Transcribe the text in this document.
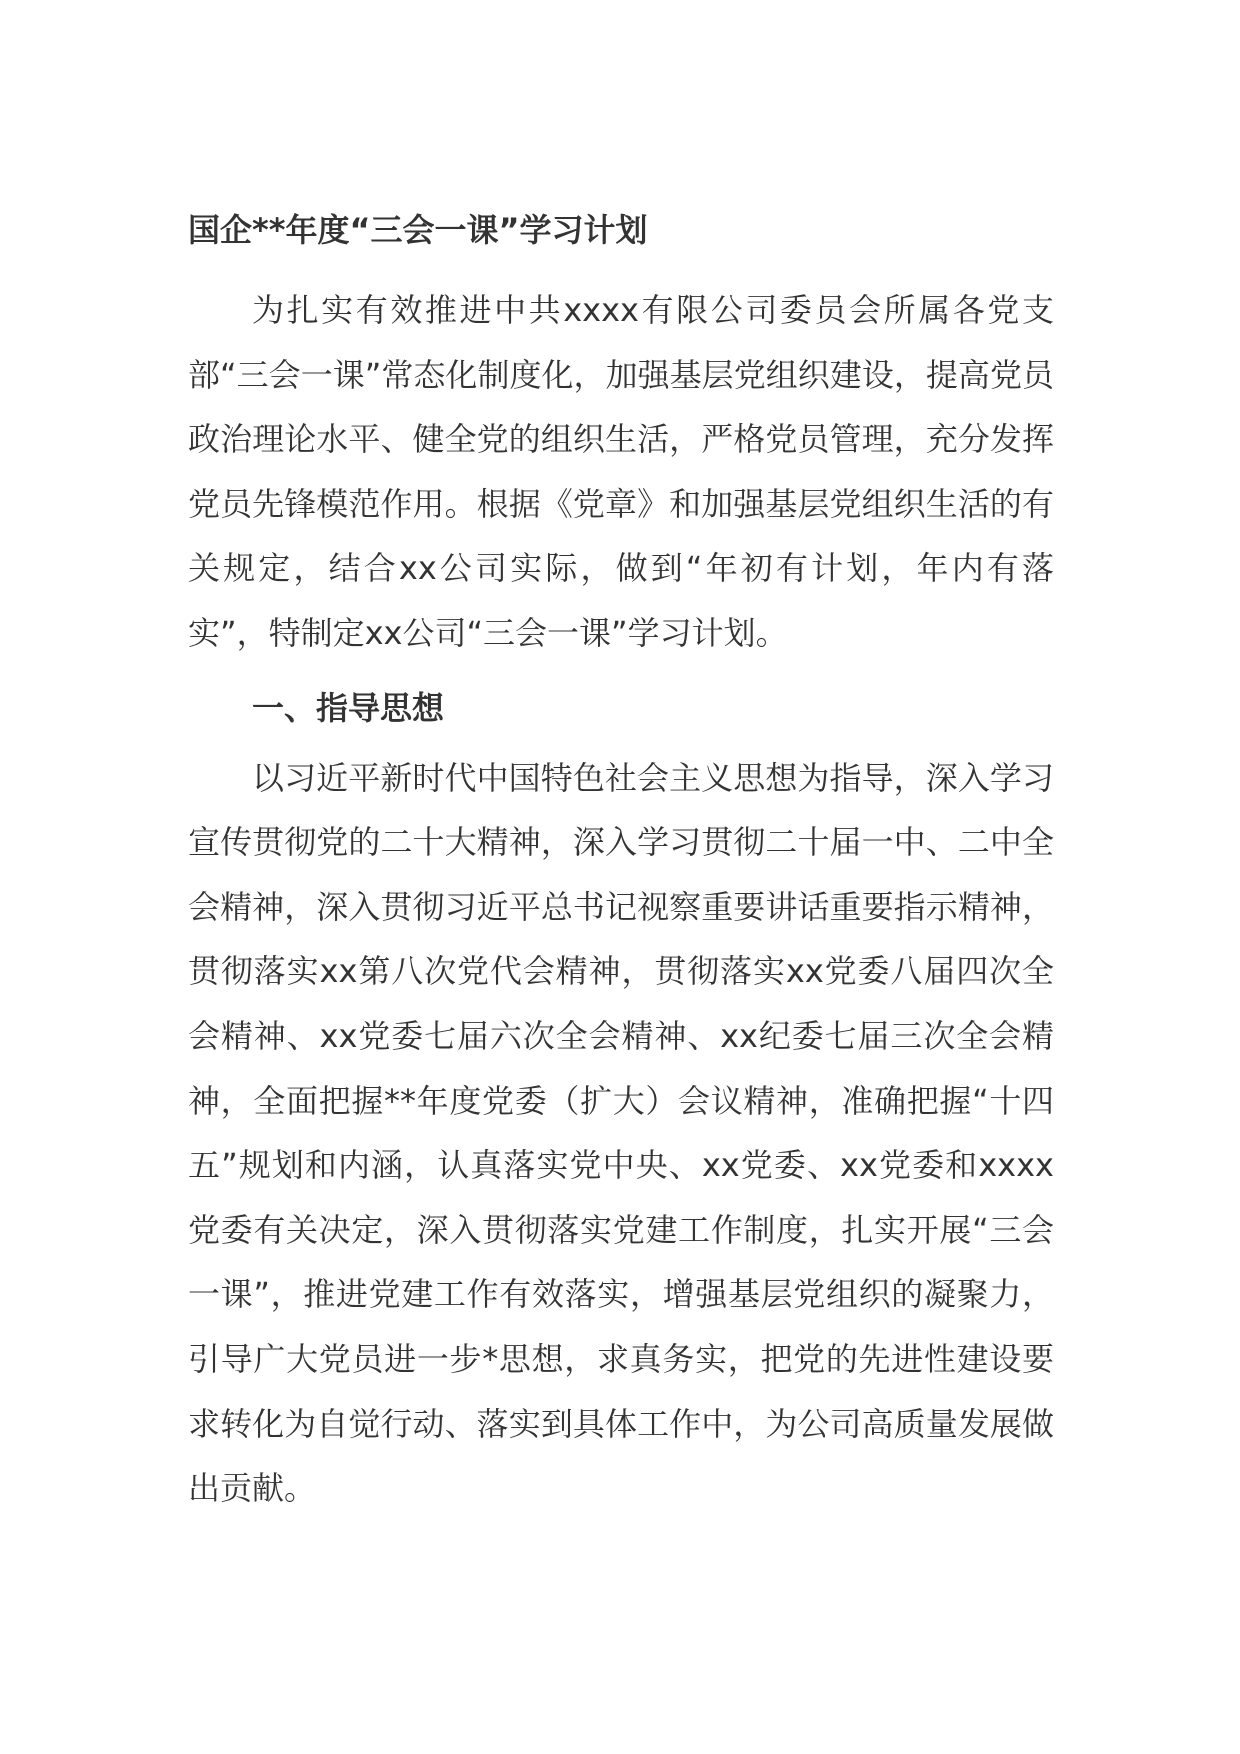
国企**年度“三会一课”学习计划

为扎实有效推进中共xxxx有限公司委员会所属各党支部“三会一课”常态化制度化，加强基层党组织建设，提高党员政治理论水平、健全党的组织生活，严格党员管理，充分发挥党员先锋模范作用。根据《党章》和加强基层党组织生活的有关规定，结合xx公司实际，做到“年初有计划，年内有落实”，特制定xx公司“三会一课”学习计划。

一、指导思想

以习近平新时代中国特色社会主义思想为指导，深入学习宣传贯彻党的二十大精神，深入学习贯彻二十届一中、二中全会精神，深入贯彻习近平总书记视察重要讲话重要指示精神，贯彻落实xx第八次党代会精神，贯彻落实xx党委八届四次全会精神、xx党委七届六次全会精神、xx纪委七届三次全会精神，全面把握**年度党委（扩大）会议精神，准确把握“十四五”规划和内涵，认真落实党中央、xx党委、xx党委和xxxx党委有关决定，深入贯彻落实党建工作制度，扎实开展“三会一课”，推进党建工作有效落实，增强基层党组织的凝聚力，引导广大党员进一步*思想，求真务实，把党的先进性建设要求转化为自觉行动、落实到具体工作中，为公司高质量发展做出贡献。
